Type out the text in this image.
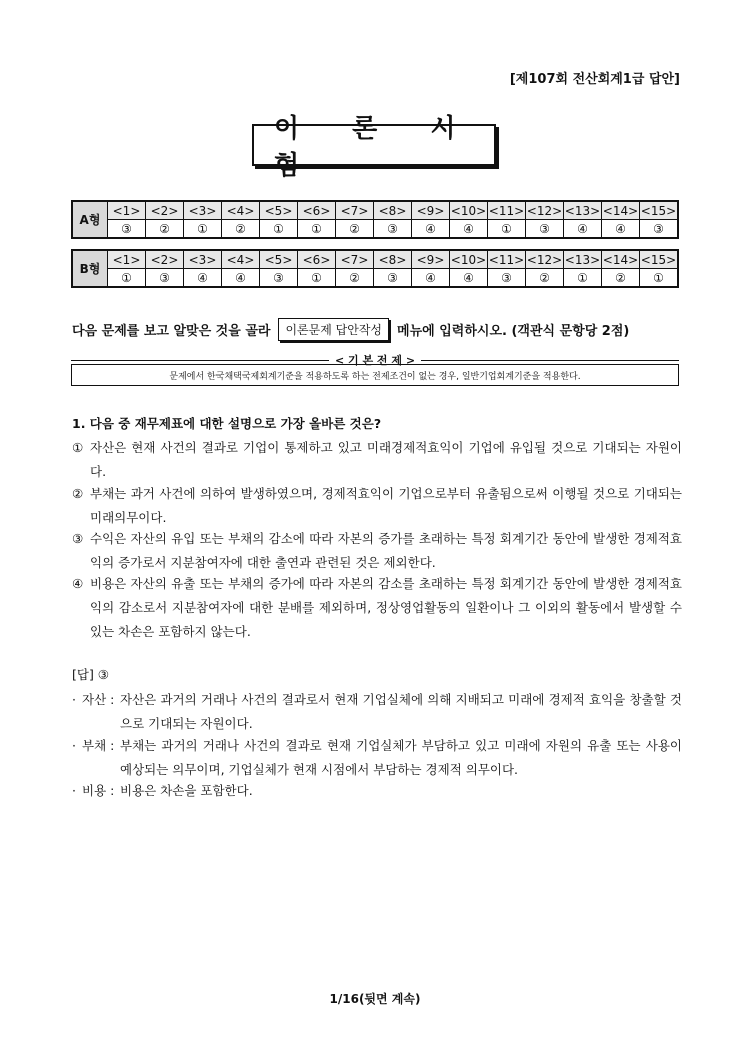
[제107회 전산회계1급 답안]
이 론 시 험
A형	<1>	<2>	<3>	<4>	<5>	<6>	<7>	<8>	<9>	<10>	<11>	<12>	<13>	<14>	<15>
	③	②	①	②	①	①	②	③	④	④	①	③	④	④	③
B형	<1>	<2>	<3>	<4>	<5>	<6>	<7>	<8>	<9>	<10>	<11>	<12>	<13>	<14>	<15>
	①	③	④	④	③	①	②	③	④	④	③	②	①	②	①
다음 문제를 보고 알맞은 것을 골라	이론문제 답안작성	메뉴에 입력하시오. (객관식 문항당 2점)
< 기 본 전 제 >
문제에서 한국채택국제회계기준을 적용하도록 하는 전제조건이 없는 경우, 일반기업회계기준을 적용한다.
1. 다음 중 재무제표에 대한 설명으로 가장 올바른 것은?
① 자산은 현재 사건의 결과로 기업이 통제하고 있고 미래경제적효익이 기업에 유입될 것으로 기대되는 자원이다.
② 부채는 과거 사건에 의하여 발생하였으며, 경제적효익이 기업으로부터 유출됨으로써 이행될 것으로 기대되는 미래의무이다.
③ 수익은 자산의 유입 또는 부채의 감소에 따라 자본의 증가를 초래하는 특정 회계기간 동안에 발생한 경제적효익의 증가로서 지분참여자에 대한 출연과 관련된 것은 제외한다.
④ 비용은 자산의 유출 또는 부채의 증가에 따라 자본의 감소를 초래하는 특정 회계기간 동안에 발생한 경제적효익의 감소로서 지분참여자에 대한 분배를 제외하며, 정상영업활동의 일환이나 그 이외의 활동에서 발생할 수 있는 차손은 포함하지 않는다.
[답] ③
· 자산 : 자산은 과거의 거래나 사건의 결과로서 현재 기업실체에 의해 지배되고 미래에 경제적 효익을 창출할 것으로 기대되는 자원이다.
· 부채 : 부채는 과거의 거래나 사건의 결과로 현재 기업실체가 부담하고 있고 미래에 자원의 유출 또는 사용이 예상되는 의무이며, 기업실체가 현재 시점에서 부담하는 경제적 의무이다.
· 비용 : 비용은 차손을 포함한다.
1/16(뒷면 계속)
